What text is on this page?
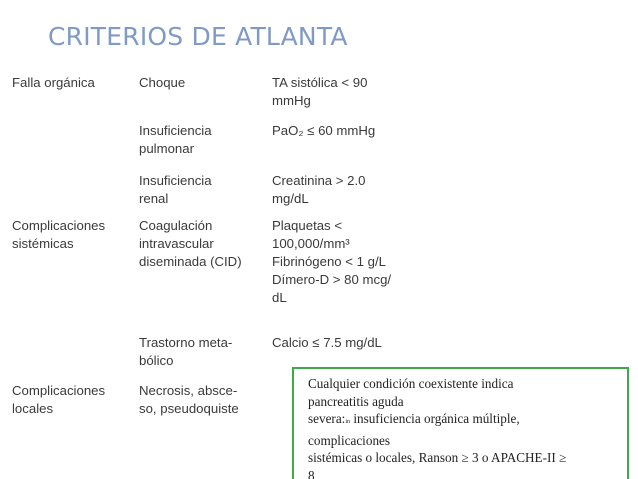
CRITERIOS DE ATLANTA
Falla orgánica	Choque	TA sistólica < 90
mmHg
Insuficiencia
pulmonar
PaO₂ ≤ 60 mmHg
Insuficiencia
renal
Creatinina > 2.0
mg/dL
Complicaciones
sistémicas
Coagulación
intravascular
diseminada (CID)
Plaquetas <
100,000/mm³
Fibrinógeno < 1 g/L
Dímero-D > 80 mcg/
dL
Trastorno meta-
bólico
Calcio ≤ 7.5 mg/dL
Complicaciones
locales
Necrosis, absce-
so, pseudoquiste
Cualquier condición coexistente indica
pancreatitis aguda
severa:in insuficiencia orgánica múltiple,
complicaciones
sistémicas o locales, Ranson ≥ 3 o APACHE-II ≥
8
